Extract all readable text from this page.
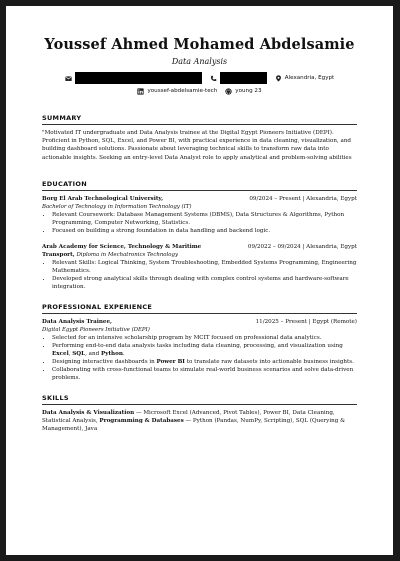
Youssef Ahmed Mohamed Abdelsamie
Data Analysis
Alexandria, Egypt
youssef-abdelsamie-tech	young 23
SUMMARY
"Motivated IT undergraduate and Data Analysis trainee at the Digital Egypt Pioneers Initiative (DEPI). Proficient in Python, SQL, Excel, and Power BI, with practical experience in data cleaning, visualization, and building dashboard solutions. Passionate about leveraging technical skills to transform raw data into actionable insights. Seeking an entry-level Data Analyst role to apply analytical and problem-solving abilities
EDUCATION
Borg El Arab Technological University,	09/2024 – Present | Alexandria, Egypt
Bachelor of Technology in Information Technology (IT)
• Relevant Coursework: Database Management Systems (DBMS), Data Structures & Algorithms, Python Programming, Computer Networking, Statistics.
• Focused on building a strong foundation in data handling and backend logic.
Arab Academy for Science, Technology & Maritime Transport, Diploma in Mechatronics Technology
09/2022 – 09/2024 | Alexandria, Egypt
• Relevant Skills: Logical Thinking, System Troubleshooting, Embedded Systems Programming, Engineering Mathematics.
• Developed strong analytical skills through dealing with complex control systems and hardware-software integration.
PROFESSIONAL EXPERIENCE
Data Analysis Trainee,	11/2025 – Present | Egypt (Remote)
Digital Egypt Pioneers Initiative (DEPI)
• Selected for an intensive scholarship program by MCIT focused on professional data analytics.
• Performing end-to-end data analysis tasks including data cleaning, processing, and visualization using Excel, SQL, and Python.
• Designing interactive dashboards in Power BI to translate raw datasets into actionable business insights.
• Collaborating with cross-functional teams to simulate real-world business scenarios and solve data-driven problems.
SKILLS
Data Analysis & Visualization — Microsoft Excel (Advanced, Pivot Tables), Power BI, Data Cleaning, Statistical Analysis, Programming & Databases — Python (Pandas, NumPy, Scripting), SQL (Querying & Management), Java
